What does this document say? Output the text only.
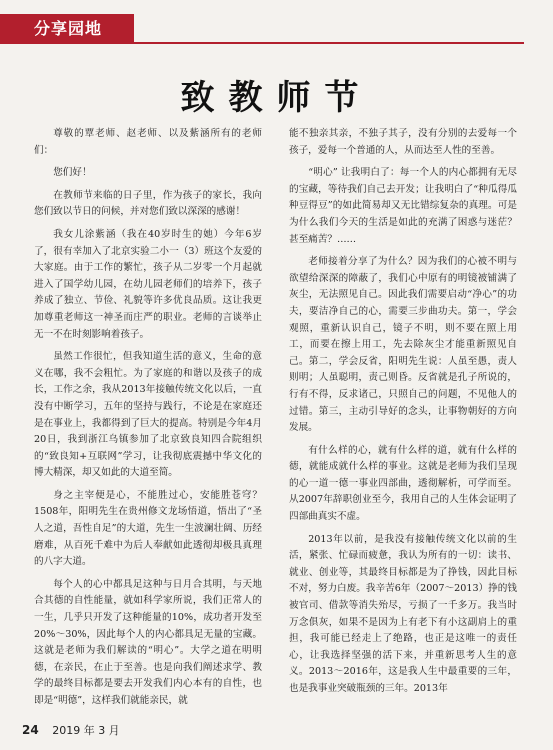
分享园地
致教师节

尊敬的覃老师、赵老师、以及紫涵所有的老师们：

您们好！

在教师节来临的日子里，作为孩子的家长，我向您们致以节日的问候，并对您们致以深深的感谢！

我女儿涂紫涵（我在40岁时生的她）今年6岁了，很有幸加入了北京实验二小一（3）班这个友爱的大家庭。由于工作的繁忙，孩子从二岁零一个月起就进入了国学幼儿园，在幼儿园老师们的培养下，孩子养成了独立、节俭、礼貌等许多优良品质。这让我更加尊重老师这一神圣而庄严的职业。老师的言谈举止无一不在时刻影响着孩子。

虽然工作很忙，但我知道生活的意义，生命的意义在哪，我不会粗忙。为了家庭的和谐以及孩子的成长，工作之余，我从2013年接触传统文化以后，一直没有中断学习，五年的坚持与践行，不论是在家庭还是在事业上，我都得到了巨大的提高。特别是今年4月20日，我到浙江乌镇参加了北京致良知四合院组织的“致良知+互联网”学习，让我彻底震撼中华文化的博大精深，却又如此的大道至简。

身之主宰便是心，不能胜过心，安能胜苍穹？1508年，阳明先生在贵州修文龙场悟道，悟出了“圣人之道，吾性自足”的大道，先生一生波澜壮阔、历经磨难，从百死千难中为后人奉献如此透彻却极具真理的八字大道。

每个人的心中都具足这种与日月合其明，与天地合其德的自性能量，就如科学家所说，我们正常人的一生，几乎只开发了这种能量的10%，成功者开发至20%～30%，因此每个人的内心都具足无量的宝藏。这就是老师为我们解读的“明心”。大学之道在明明德，在亲民，在止于至善。也是向我们阐述求学、教学的最终目标都是要去开发我们内心本有的自性，也即是“明德”，这样我们就能亲民，就

能不独亲其亲，不独子其子，没有分别的去爱每一个孩子，爱每一个普通的人，从而达至人性的至善。

“明心” 让我明白了：每一个人的内心都拥有无尽的宝藏，等待我们自己去开发；让我明白了“种瓜得瓜种豆得豆”的如此简易却又无比错综复杂的真理。可是为什么我们今天的生活是如此的充满了困惑与迷茫？甚至痛苦？……

老师接着分享了为什么？因为我们的心被不明与欲望给深深的障蔽了，我们心中原有的明镜被铺满了灰尘，无法照见自己。因此我们需要启动“净心”的功夫，要洁净自己的心，需要三步曲功夫。第一，学会观照，重新认识自己，镜子不明，则不要在照上用工，而要在擦上用工，先去除灰尘才能重新照见自己。第二，学会反省，阳明先生说：人虽至愚，责人则明；人虽聪明，责己则昏。反省就是孔子所说的，行有不得，反求诸己，只照自己的问题，不见他人的过错。第三，主动引导好的念头，让事物朝好的方向发展。

有什么样的心，就有什么样的道，就有什么样的德，就能成就什么样的事业。这就是老师为我们呈现的心一道一德一事业四部曲，透彻解析，可学而至。从2007年辞职创业至今，我用自己的人生体会证明了四部曲真实不虚。

2013年以前，是我没有接触传统文化以前的生活，紧张、忙碌而疲惫，我认为所有的一切：读书、就业、创业等，其最终目标都是为了挣钱，因此目标不对，努力白废。我辛苦6年（2007～2013）挣的钱被官司、借款等消失殆尽，亏损了一千多万。我当时万念俱灰，如果不是因为上有老下有小这副肩上的重担，我可能已经走上了绝路，也正是这唯一的责任心，让我选择坚强的活下来，并重新思考人生的意义。2013～2016年，这是我人生中最重要的三年，也是我事业突破瓶颈的三年。2013年

24 2019 年 3 月
